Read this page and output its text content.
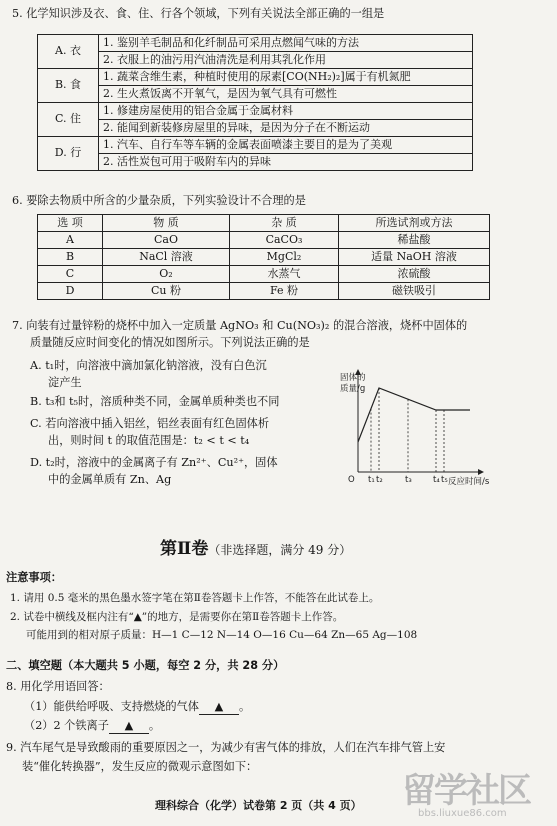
5. 化学知识涉及衣、食、住、行各个领域，下列有关说法全部正确的一组是
A. 衣	1. 鉴别羊毛制品和化纤制品可采用点燃闻气味的方法
	2. 衣服上的油污用汽油清洗是利用其乳化作用
B. 食	1. 蔬菜含维生素，种植时使用的尿素[CO(NH₂)₂]属于有机氮肥
	2. 生火煮饭离不开氧气，是因为氧气具有可燃性
C. 住	1. 修建房屋使用的铝合金属于金属材料
	2. 能闻到新装修房屋里的异味，是因为分子在不断运动
D. 行	1. 汽车、自行车等车辆的金属表面喷漆主要目的是为了美观
	2. 活性炭包可用于吸附车内的异味
6. 要除去物质中所含的少量杂质，下列实验设计不合理的是
选 项	物 质	杂 质	所选试剂或方法
A	CaO	CaCO₃	稀盐酸
B	NaCl 溶液	MgCl₂	适量 NaOH 溶液
C	O₂	水蒸气	浓硫酸
D	Cu 粉	Fe 粉	磁铁吸引
7. 向装有过量锌粉的烧杯中加入一定质量 AgNO₃ 和 Cu(NO₃)₂ 的混合溶液，烧杯中固体的
质量随反应时间变化的情况如图所示。下列说法正确的是
A. t₁时，向溶液中滴加氯化钠溶液，没有白色沉
淀产生
B. t₃和 t₅时，溶质种类不同，金属单质种类也不同
C. 若向溶液中插入铝丝，铝丝表面有红色固体析
出，则时间 t 的取值范围是：t₂ < t < t₄
D. t₂时，溶液中的金属离子有 Zn²⁺、Cu²⁺，固体
中的金属单质有 Zn、Ag
固体的
质量/g
O	反应时间/s
t₁ t₂	t₃	t₄ t₅
第Ⅱ卷（非选择题，满分 49 分）
注意事项：
1. 请用 0.5 毫米的黑色墨水签字笔在第Ⅱ卷答题卡上作答，不能答在此试卷上。
2. 试卷中横线及框内注有“▲”的地方，是需要你在第Ⅱ卷答题卡上作答。
可能用到的相对原子质量：H—1 C—12 N—14 O—16 Cu—64 Zn—65 Ag—108
二、填空题（本大题共 5 小题，每空 2 分，共 28 分）
8. 用化学用语回答：
（1）能供给呼吸、支持燃烧的气体 ▲ 。
（2）2 个铁离子 ▲ 。
9. 汽车尾气是导致酸雨的重要原因之一，为减少有害气体的排放，人们在汽车排气管上安
装“催化转换器”，发生反应的微观示意图如下：
理科综合（化学）试卷第 2 页（共 4 页） 留学社区
bbs.liuxue86.com
